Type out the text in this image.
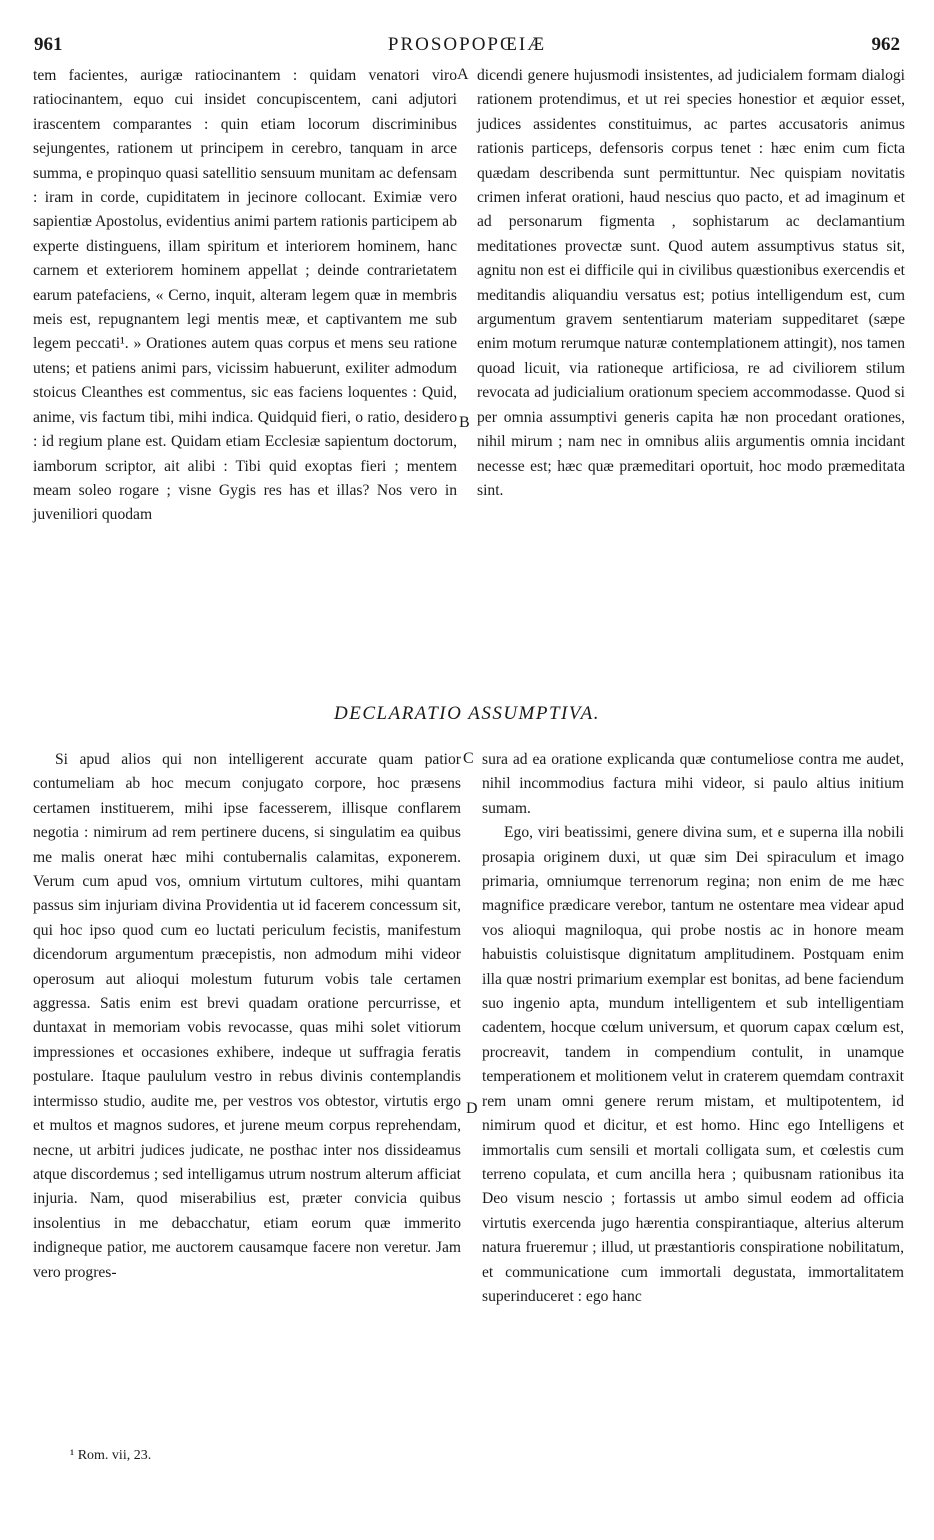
961	PROSOPOPŒIÆ	962

tem facientes, aurigæ ratiocinantem : quidam venatori viro ratiocinantem, equo cui insidet concupiscentem, cani adjutori irascentem comparantes : quin etiam locorum discriminibus sejungentes, rationem ut principem in cerebro, tanquam in arce summa, e propinquo quasi satellitio sensuum munitam ac defensam : iram in corde, cupiditatem in jecinore collocant. Eximiæ vero sapientiæ Apostolus, evidentius animi partem rationis participem ab experte distinguens, illam spiritum et interiorem hominem, hanc carnem et exteriorem hominem appellat ; deinde contrarietatem earum patefaciens, « Cerno, inquit, alteram legem quæ in membris meis est, repugnantem legi mentis meæ, et captivantem me sub legem peccati¹. » Orationes autem quas corpus et mens seu ratione utens; et patiens animi pars, vicissim habuerunt, exiliter admodum stoicus Cleanthes est commentus, sic eas faciens loquentes : Quid, anime, vis factum tibi, mihi indica. Quidquid fieri, o ratio, desidero : id regium plane est. Quidam etiam Ecclesiæ sapientum doctorum, iamborum scriptor, ait alibi : Tibi quid exoptas fieri ; mentem meam soleo rogare ; visne Gygis res has et illas? Nos vero in juveniliori quodam

A
B

dicendi genere hujusmodi insistentes, ad judicialem formam dialogi rationem protendimus, et ut rei species honestior et æquior esset, judices assidentes constituimus, ac partes accusatoris animus rationis particeps, defensoris corpus tenet : hæc enim cum ficta quædam describenda sunt permittuntur. Nec quispiam novitatis crimen inferat orationi, haud nescius quo pacto, et ad imaginum et ad personarum figmenta , sophistarum ac declamantium meditationes provectæ sunt. Quod autem assumptivus status sit, agnitu non est ei difficile qui in civilibus quæstionibus exercendis et meditandis aliquandiu versatus est; potius intelligendum est, cum argumentum gravem sententiarum materiam suppeditaret (sæpe enim motum rerumque naturæ contemplationem attingit), nos tamen quoad licuit, via rationeque artificiosa, re ad civiliorem stilum revocata ad judicialium orationum speciem accommodasse. Quod si per omnia assumptivi generis capita hæ non procedant orationes, nihil mirum ; nam nec in omnibus aliis argumentis omnia incidant necesse est; hæc quæ præmeditari oportuit, hoc modo præmeditata sint.

DECLARATIO ASSUMPTIVA.

Si apud alios qui non intelligerent accurate quam patior contumeliam ab hoc mecum conjugato corpore, hoc præsens certamen instituerem, mihi ipse facesserem, illisque conflarem negotia : nimirum ad rem pertinere ducens, si singulatim ea quibus me malis onerat hæc mihi contubernalis calamitas, exponerem. Verum cum apud vos, omnium virtutum cultores, mihi quantam passus sim injuriam divina Providentia ut id facerem concessum sit, qui hoc ipso quod cum eo luctati periculum fecistis, manifestum dicendorum argumentum præcepistis, non admodum mihi videor operosum aut alioqui molestum futurum vobis tale certamen aggressa. Satis enim est brevi quadam oratione percurrisse, et duntaxat in memoriam vobis revocasse, quas mihi solet vitiorum impressiones et occasiones exhibere, indeque ut suffragia feratis postulare. Itaque paululum vestro in rebus divinis contemplandis intermisso studio, audite me, per vestros vos obtestor, virtutis ergo et multos et magnos sudores, et jurene meum corpus reprehendam, necne, ut arbitri judices judicate, ne posthac inter nos dissideamus atque discordemus ; sed intelligamus utrum nostrum alterum afficiat injuria. Nam, quod miserabilius est, præter convicia quibus insolentius in me debacchatur, etiam eorum quæ immerito indigneque patior, me auctorem causamque facere non veretur. Jam vero progres-

C
D

sura ad ea oratione explicanda quæ contumeliose contra me audet, nihil incommodius factura mihi videor, si paulo altius initium sumam.

Ego, viri beatissimi, genere divina sum, et e superna illa nobili prosapia originem duxi, ut quæ sim Dei spiraculum et imago primaria, omniumque terrenorum regina; non enim de me hæc magnifice prædicare verebor, tantum ne ostentare mea videar apud vos alioqui magniloqua, qui probe nostis ac in honore meam habuistis coluistisque dignitatum amplitudinem. Postquam enim illa quæ nostri primarium exemplar est bonitas, ad bene faciendum suo ingenio apta, mundum intelligentem et sub intelligentiam cadentem, hocque cœlum universum, et quorum capax cœlum est, procreavit, tandem in compendium contulit, in unamque temperationem et molitionem velut in craterem quemdam contraxit rem unam omni genere rerum mistam, et multipotentem, id nimirum quod et dicitur, et est homo. Hinc ego Intelligens et immortalis cum sensili et mortali colligata sum, et cœlestis cum terreno copulata, et cum ancilla hera ; quibusnam rationibus ita Deo visum nescio ; fortassis ut ambo simul eodem ad officia virtutis exercenda jugo hærentia conspirantiaque, alterius alterum natura frueremur ; illud, ut præstantioris conspiratione nobilitatum, et communicatione cum immortali degustata, immortalitatem superinduceret : ego hanc

¹ Rom. vii, 23.
